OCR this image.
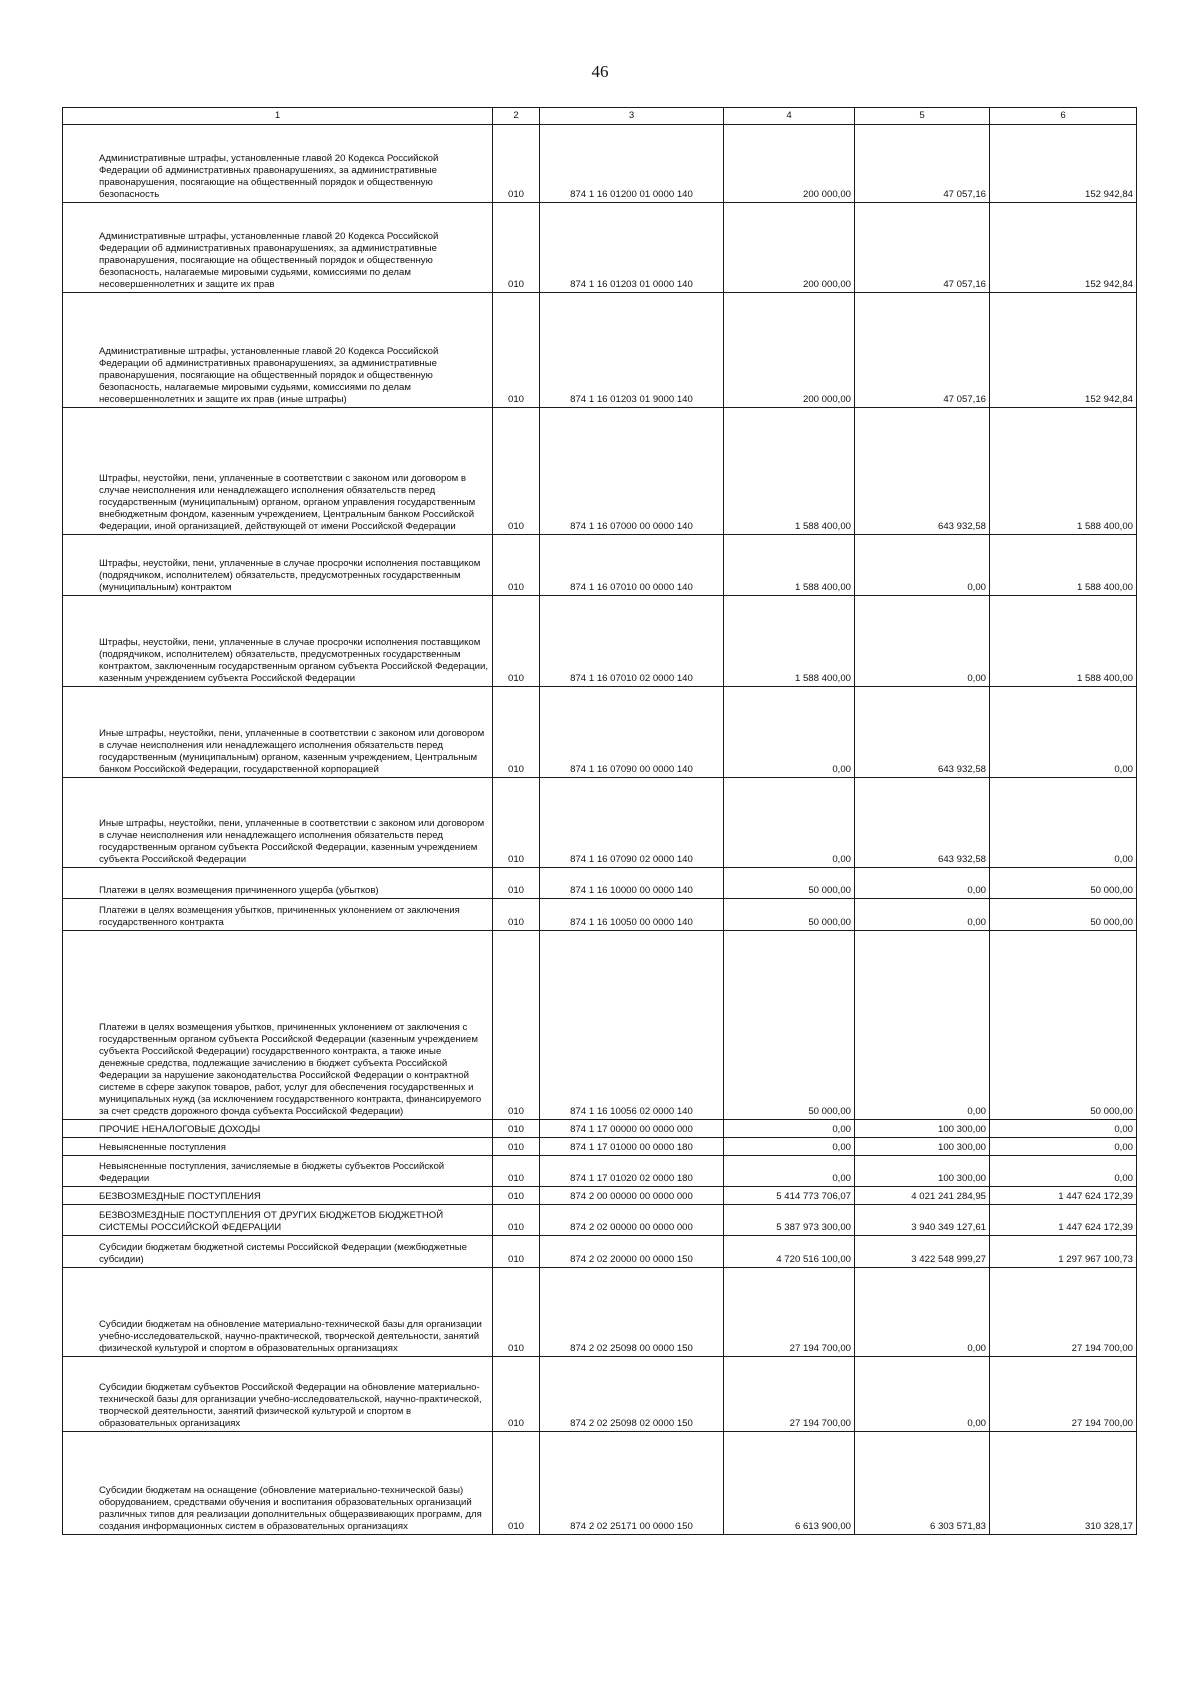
46
1	2	3	4	5	6
Административные штрафы, установленные главой 20 Кодекса Российской Федерации об административных правонарушениях, за административные правонарушения, посягающие на общественный порядок и общественную безопасность	010	874 1 16 01200 01 0000 140	200 000,00	47 057,16	152 942,84
Административные штрафы, установленные главой 20 Кодекса Российской Федерации об административных правонарушениях, за административные правонарушения, посягающие на общественный порядок и общественную безопасность, налагаемые мировыми судьями, комиссиями по делам несовершеннолетних и защите их прав	010	874 1 16 01203 01 0000 140	200 000,00	47 057,16	152 942,84
Административные штрафы, установленные главой 20 Кодекса Российской Федерации об административных правонарушениях, за административные правонарушения, посягающие на общественный порядок и общественную безопасность, налагаемые мировыми судьями, комиссиями по делам несовершеннолетних и защите их прав (иные штрафы)	010	874 1 16 01203 01 9000 140	200 000,00	47 057,16	152 942,84
Штрафы, неустойки, пени, уплаченные в соответствии с законом или договором в случае неисполнения или ненадлежащего исполнения обязательств перед государственным (муниципальным) органом, органом управления государственным внебюджетным фондом, казенным учреждением, Центральным банком Российской Федерации, иной организацией, действующей от имени Российской Федерации	010	874 1 16 07000 00 0000 140	1 588 400,00	643 932,58	1 588 400,00
Штрафы, неустойки, пени, уплаченные в случае просрочки исполнения поставщиком (подрядчиком, исполнителем) обязательств, предусмотренных государственным (муниципальным) контрактом	010	874 1 16 07010 00 0000 140	1 588 400,00	0,00	1 588 400,00
Штрафы, неустойки, пени, уплаченные в случае просрочки исполнения поставщиком (подрядчиком, исполнителем) обязательств, предусмотренных государственным контрактом, заключенным государственным органом субъекта Российской Федерации, казенным учреждением субъекта Российской Федерации	010	874 1 16 07010 02 0000 140	1 588 400,00	0,00	1 588 400,00
Иные штрафы, неустойки, пени, уплаченные в соответствии с законом или договором в случае неисполнения или ненадлежащего исполнения обязательств перед государственным (муниципальным) органом, казенным учреждением, Центральным банком Российской Федерации, государственной корпорацией	010	874 1 16 07090 00 0000 140	0,00	643 932,58	0,00
Иные штрафы, неустойки, пени, уплаченные в соответствии с законом или договором в случае неисполнения или ненадлежащего исполнения обязательств перед государственным органом субъекта Российской Федерации, казенным учреждением субъекта Российской Федерации	010	874 1 16 07090 02 0000 140	0,00	643 932,58	0,00
Платежи в целях возмещения причиненного ущерба (убытков)	010	874 1 16 10000 00 0000 140	50 000,00	0,00	50 000,00
Платежи в целях возмещения убытков, причиненных уклонением от заключения государственного контракта	010	874 1 16 10050 00 0000 140	50 000,00	0,00	50 000,00
Платежи в целях возмещения убытков, причиненных уклонением от заключения с государственным органом субъекта Российской Федерации (казенным учреждением субъекта Российской Федерации) государственного контракта, а также иные денежные средства, подлежащие зачислению в бюджет субъекта Российской Федерации за нарушение законодательства Российской Федерации о контрактной системе в сфере закупок товаров, работ, услуг для обеспечения государственных и муниципальных нужд (за исключением государственного контракта, финансируемого за счет средств дорожного фонда субъекта Российской Федерации)	010	874 1 16 10056 02 0000 140	50 000,00	0,00	50 000,00
ПРОЧИЕ НЕНАЛОГОВЫЕ ДОХОДЫ	010	874 1 17 00000 00 0000 000	0,00	100 300,00	0,00
Невыясненные поступления	010	874 1 17 01000 00 0000 180	0,00	100 300,00	0,00
Невыясненные поступления, зачисляемые в бюджеты субъектов Российской Федерации	010	874 1 17 01020 02 0000 180	0,00	100 300,00	0,00
БЕЗВОЗМЕЗДНЫЕ ПОСТУПЛЕНИЯ	010	874 2 00 00000 00 0000 000	5 414 773 706,07	4 021 241 284,95	1 447 624 172,39
БЕЗВОЗМЕЗДНЫЕ ПОСТУПЛЕНИЯ ОТ ДРУГИХ БЮДЖЕТОВ БЮДЖЕТНОЙ СИСТЕМЫ РОССИЙСКОЙ ФЕДЕРАЦИИ	010	874 2 02 00000 00 0000 000	5 387 973 300,00	3 940 349 127,61	1 447 624 172,39
Субсидии бюджетам бюджетной системы Российской Федерации (межбюджетные субсидии)	010	874 2 02 20000 00 0000 150	4 720 516 100,00	3 422 548 999,27	1 297 967 100,73
Субсидии бюджетам на обновление материально-технической базы для организации учебно-исследовательской, научно-практической, творческой деятельности, занятий физической культурой и спортом в образовательных организациях	010	874 2 02 25098 00 0000 150	27 194 700,00	0,00	27 194 700,00
Субсидии бюджетам субъектов Российской Федерации на обновление материально-технической базы для организации учебно-исследовательской, научно-практической, творческой деятельности, занятий физической культурой и спортом в образовательных организациях	010	874 2 02 25098 02 0000 150	27 194 700,00	0,00	27 194 700,00
Субсидии бюджетам на оснащение (обновление материально-технической базы) оборудованием, средствами обучения и воспитания образовательных организаций различных типов для реализации дополнительных общеразвивающих программ, для создания информационных систем в образовательных организациях	010	874 2 02 25171 00 0000 150	6 613 900,00	6 303 571,83	310 328,17
